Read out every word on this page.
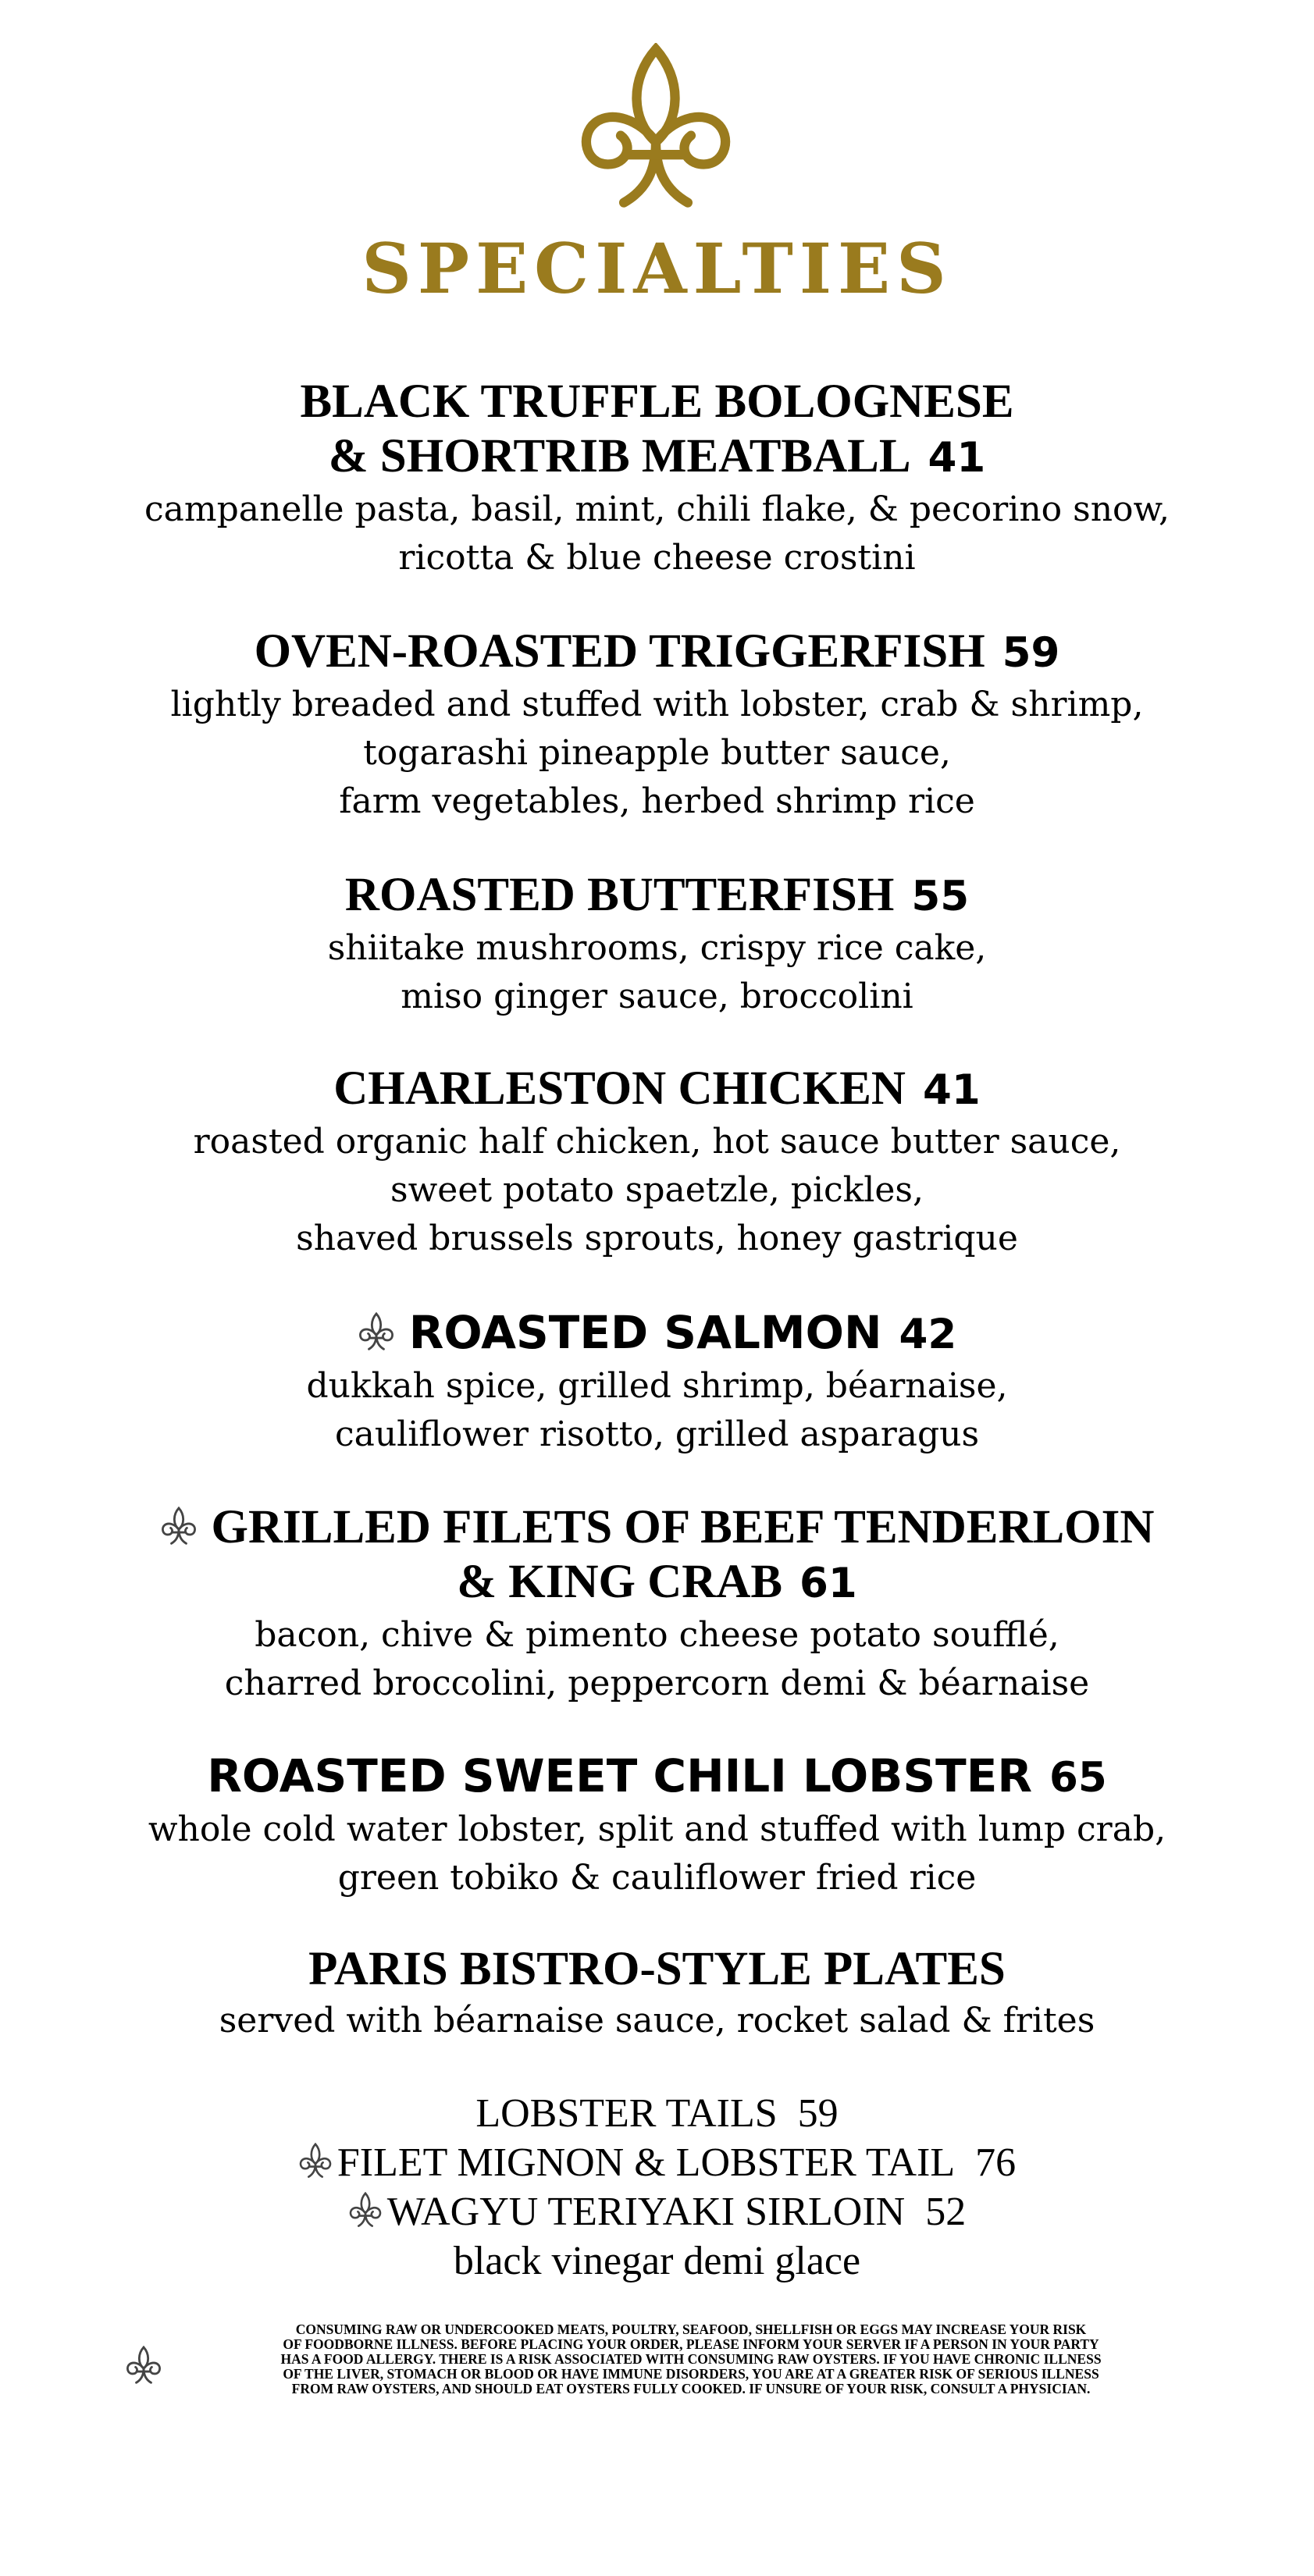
SPECIALTIES
BLACK TRUFFLE BOLOGNESE
& SHORTRIB MEATBALL 41
campanelle pasta, basil, mint, chili flake, & pecorino snow,
ricotta & blue cheese crostini
OVEN-ROASTED TRIGGERFISH 59
lightly breaded and stuffed with lobster, crab & shrimp,
togarashi pineapple butter sauce,
farm vegetables, herbed shrimp rice
ROASTED BUTTERFISH 55
shiitake mushrooms, crispy rice cake,
miso ginger sauce, broccolini
CHARLESTON CHICKEN 41
roasted organic half chicken, hot sauce butter sauce,
sweet potato spaetzle, pickles,
shaved brussels sprouts, honey gastrique
ROASTED SALMON 42
dukkah spice, grilled shrimp, béarnaise,
cauliflower risotto, grilled asparagus
GRILLED FILETS OF BEEF TENDERLOIN
& KING CRAB 61
bacon, chive & pimento cheese potato soufflé,
charred broccolini, peppercorn demi & béarnaise
ROASTED SWEET CHILI LOBSTER 65
whole cold water lobster, split and stuffed with lump crab,
green tobiko & cauliflower fried rice
PARIS BISTRO-STYLE PLATES
served with béarnaise sauce, rocket salad & frites
LOBSTER TAILS 59
FILET MIGNON & LOBSTER TAIL 76
WAGYU TERIYAKI SIRLOIN 52
black vinegar demi glace
CONSUMING RAW OR UNDERCOOKED MEATS, POULTRY, SEAFOOD, SHELLFISH OR EGGS MAY INCREASE YOUR RISK
OF FOODBORNE ILLNESS. BEFORE PLACING YOUR ORDER, PLEASE INFORM YOUR SERVER IF A PERSON IN YOUR PARTY
HAS A FOOD ALLERGY. THERE IS A RISK ASSOCIATED WITH CONSUMING RAW OYSTERS. IF YOU HAVE CHRONIC ILLNESS
OF THE LIVER, STOMACH OR BLOOD OR HAVE IMMUNE DISORDERS, YOU ARE AT A GREATER RISK OF SERIOUS ILLNESS
FROM RAW OYSTERS, AND SHOULD EAT OYSTERS FULLY COOKED. IF UNSURE OF YOUR RISK, CONSULT A PHYSICIAN.
